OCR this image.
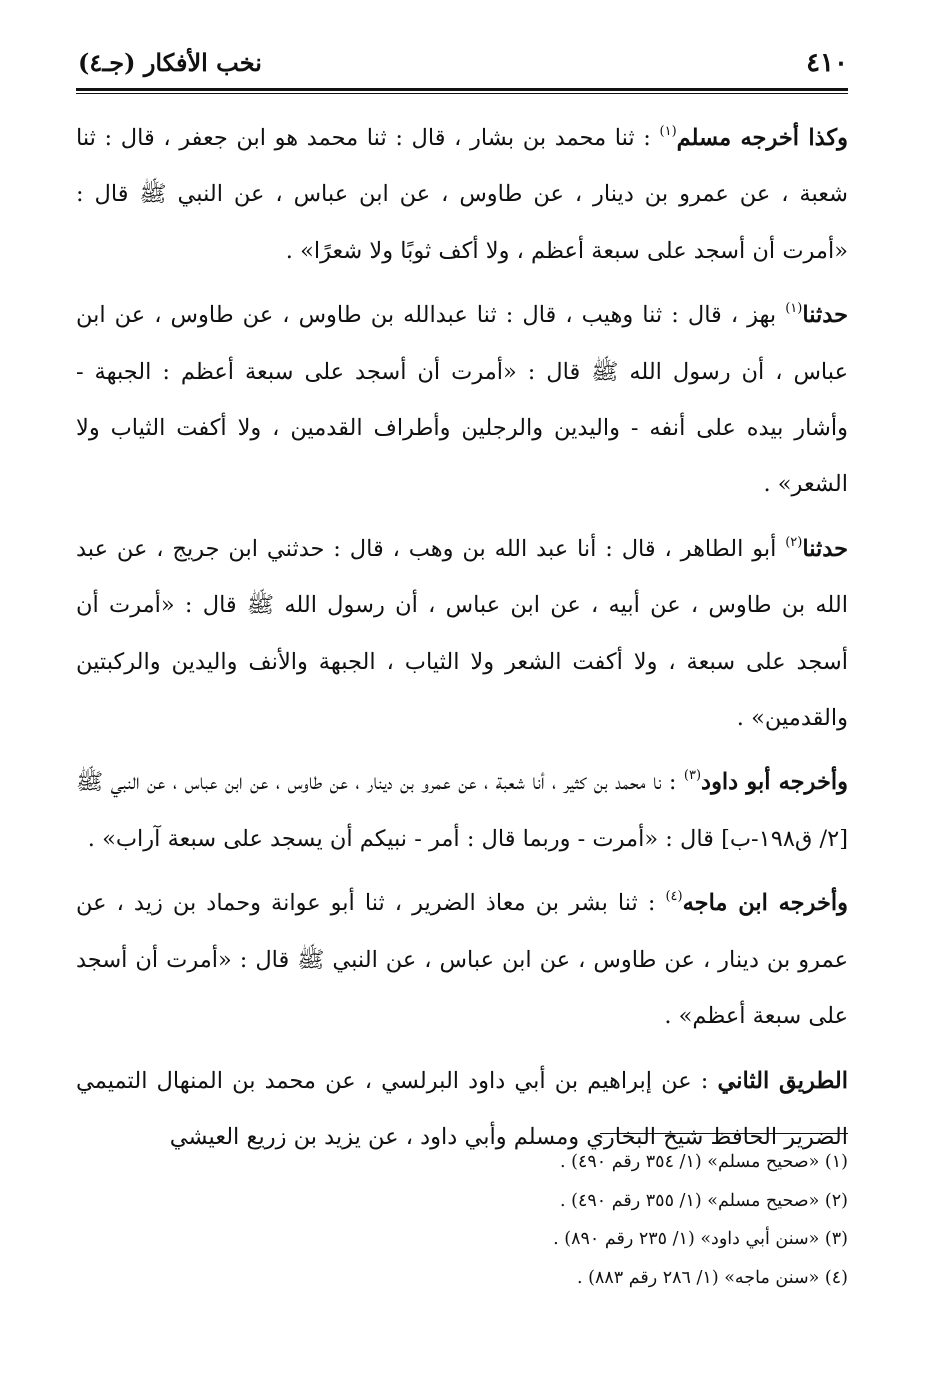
٤١٠
نخب الأفكار (جـ٤)

وكذا أخرجه مسلم$^{(١)}$ : ثنا محمد بن بشار ، قال : ثنا محمد هو ابن جعفر ، قال : ثنا شعبة ، عن عمرو بن دينار ، عن طاوس ، عن ابن عباس ، عن النبي ﷺ قال : «أمرت أن أسجد على سبعة أعظم ، ولا أكف ثوبًا ولا شعرًا» .

حدثنا$^{(١)}$ بهز ، قال : ثنا وهيب ، قال : ثنا عبدالله بن طاوس ، عن طاوس ، عن ابن عباس ، أن رسول الله ﷺ قال : «أمرت أن أسجد على سبعة أعظم : الجبهة - وأشار بيده على أنفه - واليدين والرجلين وأطراف القدمين ، ولا أكفت الثياب ولا الشعر» .

حدثنا$^{(٢)}$ أبو الطاهر ، قال : أنا عبد الله بن وهب ، قال : حدثني ابن جريج ، عن عبد الله بن طاوس ، عن أبيه ، عن ابن عباس ، أن رسول الله ﷺ قال : «أمرت أن أسجد على سبعة ، ولا أكفت الشعر ولا الثياب ، الجبهة والأنف واليدين والركبتين والقدمين» .

وأخرجه أبو داود$^{(٣)}$ : نا محمد بن كثير ، أنا شعبة ، عن عمرو بن دينار ، عن طاوس ، عن ابن عباس ، عن النبي ﷺ [٢/ ق١٩٨-ب] قال : «أمرت - وربما قال : أمر - نبيكم أن يسجد على سبعة آراب» .

وأخرجه ابن ماجه$^{(٤)}$ : ثنا بشر بن معاذ الضرير ، ثنا أبو عوانة وحماد بن زيد ، عن عمرو بن دينار ، عن طاوس ، عن ابن عباس ، عن النبي ﷺ قال : «أمرت أن أسجد على سبعة أعظم» .

الطريق الثاني : عن إبراهيم بن أبي داود البرلسي ، عن محمد بن المنهال التميمي الضرير الحافظ شيخ البخاري ومسلم وأبي داود ، عن يزيد بن زريع العيشي

(١) «صحيح مسلم» (١/ ٣٥٤ رقم ٤٩٠) .

(٢) «صحيح مسلم» (١/ ٣٥٥ رقم ٤٩٠) .

(٣) «سنن أبي داود» (١/ ٢٣٥ رقم ٨٩٠) .

(٤) «سنن ماجه» (١/ ٢٨٦ رقم ٨٨٣) .
